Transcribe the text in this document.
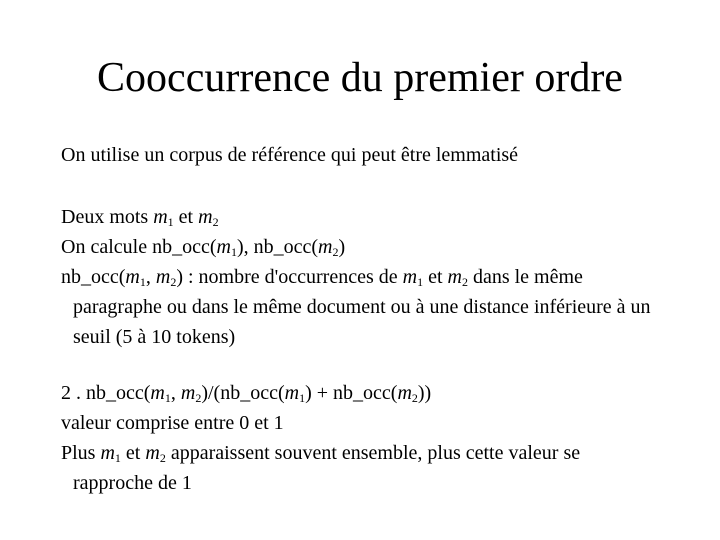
Cooccurrence du premier ordre

On utilise un corpus de référence qui peut être lemmatisé

Deux mots $m_1$ et $m_2$

On calcule $nb\_occ(m_1)$, $nb\_occ(m_2)$

$nb\_occ(m_1$, $m_2$) : nombre d'occurrences de $m_1$ et $m_2$ dans le même paragraphe ou dans le même document ou à une distance inférieure à un seuil (5 à 10 tokens)

2 . $nb\_occ(m_1$, $m_2)/(nb\_occ(m_1)$ + $nb\_occ(m_2)$)

valeur comprise entre 0 et 1

Plus $m_1$ et $m_2$ apparaissent souvent ensemble, plus cette valeur se rapproche de 1
